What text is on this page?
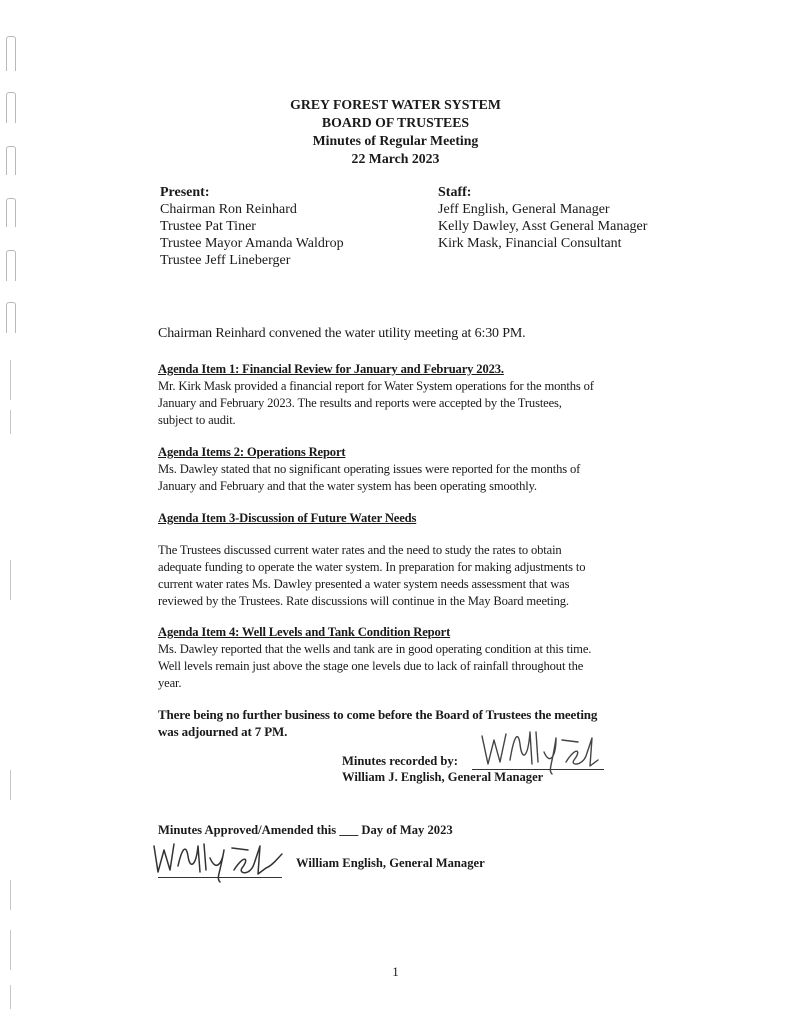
GREY FOREST WATER SYSTEM
BOARD OF TRUSTEES
Minutes of Regular Meeting
22 March 2023
Present:
Chairman Ron Reinhard
Trustee Pat Tiner
Trustee Mayor Amanda Waldrop
Trustee Jeff Lineberger
Staff:
Jeff English, General Manager
Kelly Dawley, Asst General Manager
Kirk Mask, Financial Consultant
Chairman Reinhard convened the water utility meeting at 6:30 PM.
Agenda Item 1: Financial Review for January and February 2023.
Mr. Kirk Mask provided a financial report for Water System operations for the months of
January and February 2023. The results and reports were accepted by the Trustees,
subject to audit.
Agenda Items 2: Operations Report
Ms. Dawley stated that no significant operating issues were reported for the months of
January and February and that the water system has been operating smoothly.
Agenda Item 3-Discussion of Future Water Needs
The Trustees discussed current water rates and the need to study the rates to obtain
adequate funding to operate the water system. In preparation for making adjustments to
current water rates Ms. Dawley presented a water system needs assessment that was
reviewed by the Trustees. Rate discussions will continue in the May Board meeting.
Agenda Item 4: Well Levels and Tank Condition Report
Ms. Dawley reported that the wells and tank are in good operating condition at this time.
Well levels remain just above the stage one levels due to lack of rainfall throughout the
year.
There being no further business to come before the Board of Trustees the meeting
was adjourned at 7 PM.
Minutes recorded by:
William J. English, General Manager
Minutes Approved/Amended this ___ Day of May 2023
William English, General Manager
1
